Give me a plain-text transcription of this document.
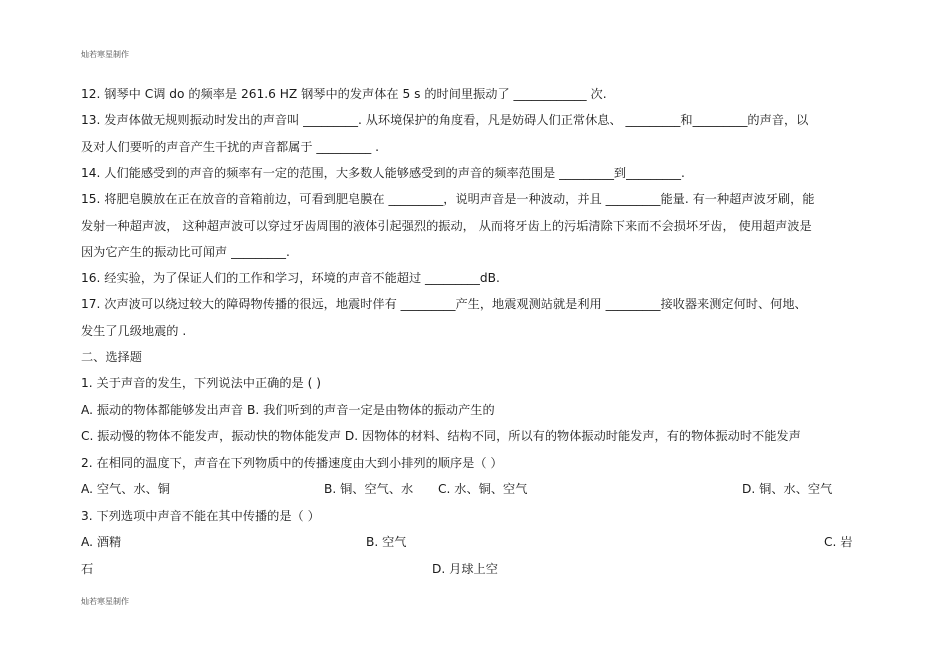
灿若寒星制作
12. 钢琴中 C调 do 的频率是 261.6 HZ 钢琴中的发声体在 5 s 的时间里振动了 ____________ 次.
13. 发声体做无规则振动时发出的声音叫 _________. 从环境保护的角度看，凡是妨碍人们正常休息、 _________和_________的声音，以
及对人们要听的声音产生干扰的声音都属于 _________ .
14. 人们能感受到的声音的频率有一定的范围，大多数人能够感受到的声音的频率范围是 _________到_________.
15. 将肥皂膜放在正在放音的音箱前边，可看到肥皂膜在 _________，说明声音是一种波动，并且 _________能量. 有一种超声波牙刷，能
发射一种超声波， 这种超声波可以穿过牙齿周围的液体引起强烈的振动， 从而将牙齿上的污垢清除下来而不会损坏牙齿， 使用超声波是
因为它产生的振动比可闻声 _________.
16. 经实验，为了保证人们的工作和学习，环境的声音不能超过 _________dB.
17. 次声波可以绕过较大的障碍物传播的很远，地震时伴有 _________产生，地震观测站就是利用 _________接收器来测定何时、何地、
发生了几级地震的 .
二、选择题
1. 关于声音的发生，下列说法中正确的是 ( )
A. 振动的物体都能够发出声音 B. 我们听到的声音一定是由物体的振动产生的
C. 振动慢的物体不能发声，振动快的物体能发声 D. 因物体的材料、结构不同，所以有的物体振动时能发声，有的物体振动时不能发声
2. 在相同的温度下，声音在下列物质中的传播速度由大到小排列的顺序是（ ）
A. 空气、水、铜	B. 铜、空气、水 C. 水、铜、空气	D. 铜、水、空气
3. 下列选项中声音不能在其中传播的是（ ）
A. 酒精	B. 空气	C. 岩
石	D. 月球上空
灿若寒星制作
